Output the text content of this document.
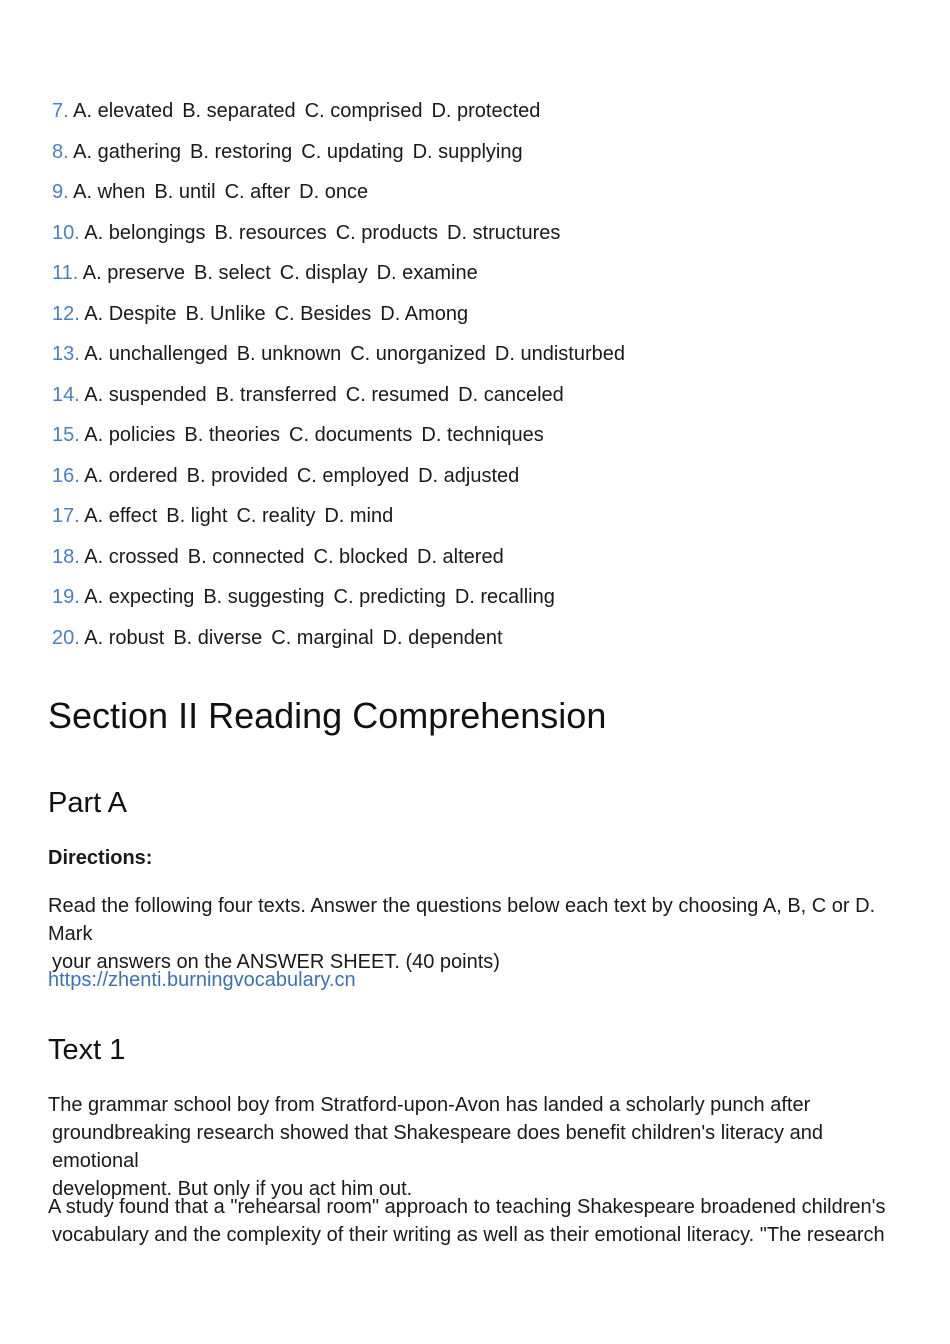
7. A. elevated B. separated C. comprised D. protected
8. A. gathering B. restoring C. updating D. supplying
9. A. when B. until C. after D. once
10. A. belongings B. resources C. products D. structures
11. A. preserve B. select C. display D. examine
12. A. Despite B. Unlike C. Besides D. Among
13. A. unchallenged B. unknown C. unorganized D. undisturbed
14. A. suspended B. transferred C. resumed D. canceled
15. A. policies B. theories C. documents D. techniques
16. A. ordered B. provided C. employed D. adjusted
17. A. effect B. light C. reality D. mind
18. A. crossed B. connected C. blocked D. altered
19. A. expecting B. suggesting C. predicting D. recalling
20. A. robust B. diverse C. marginal D. dependent
Section II Reading Comprehension
Part A
Directions:
Read the following four texts. Answer the questions below each text by choosing A, B, C or D. Mark
your answers on the ANSWER SHEET. (40 points)
https://zhenti.burningvocabulary.cn
Text 1
The grammar school boy from Stratford-upon-Avon has landed a scholarly punch after
groundbreaking research showed that Shakespeare does benefit children's literacy and emotional
development. But only if you act him out.
A study found that a "rehearsal room" approach to teaching Shakespeare broadened children's
vocabulary and the complexity of their writing as well as their emotional literacy. "The research
